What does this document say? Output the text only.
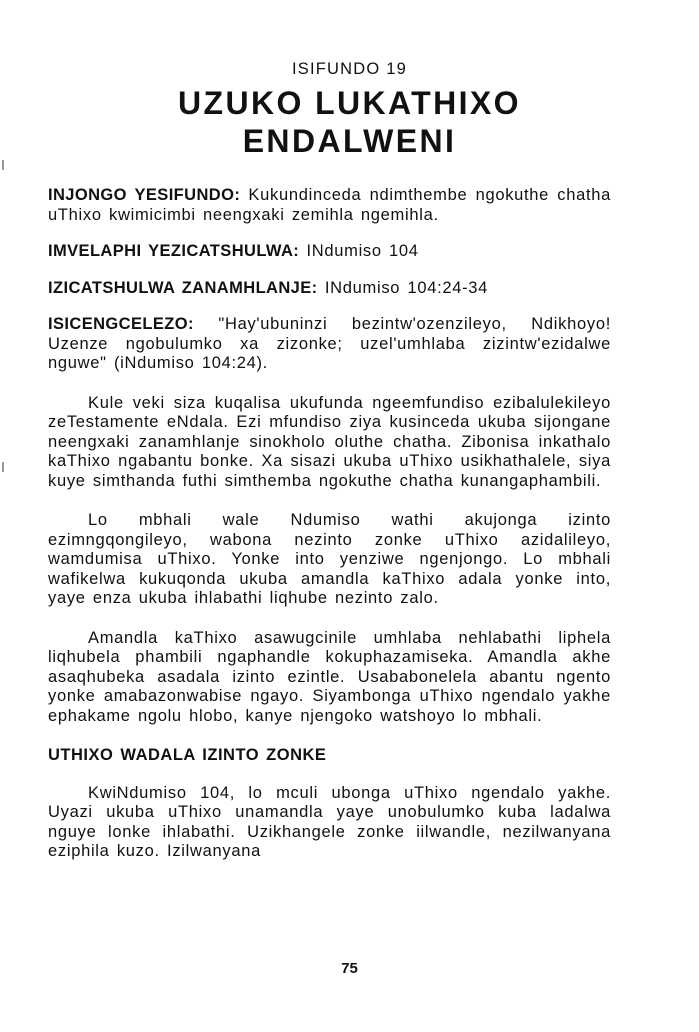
ISIFUNDO 19
UZUKO LUKATHIXO
ENDALWENI

INJONGO YESIFUNDO: Kukundinceda ndimthembe ngokuthe chatha uThixo kwimicimbi neengxaki zemihla ngemihla.

IMVELAPHI YEZICATSHULWA: INdumiso 104

IZICATSHULWA ZANAMHLANJE: INdumiso 104:24-34

ISICENGCELEZO: "Hay'ubuninzi bezintw'ozenzileyo, Ndikhoyo! Uzenze ngobulumko xa zizonke; uzel'umhlaba zizintw'ezidalwe nguwe" (iNdumiso 104:24).

Kule veki siza kuqalisa ukufunda ngeemfundiso ezibalulekileyo zeTestamente eNdala. Ezi mfundiso ziya kusinceda ukuba sijongane neengxaki zanamhlanje sinokholo oluthe chatha. Zibonisa inkathalo kaThixo ngabantu bonke. Xa sisazi ukuba uThixo usikhathalele, siya kuye simthanda futhi simthemba ngokuthe chatha kunangaphambili.

Lo mbhali wale Ndumiso wathi akujonga izinto ezimngqongileyo, wabona nezinto zonke uThixo azidalileyo, wamdumisa uThixo. Yonke into yenziwe ngenjongo. Lo mbhali wafikelwa kukuqonda ukuba amandla kaThixo adala yonke into, yaye enza ukuba ihlabathi liqhube nezinto zalo.

Amandla kaThixo asawugcinile umhlaba nehlabathi liphela liqhubela phambili ngaphandle kokuphazamiseka. Amandla akhe asaqhubeka asadala izinto ezintle. Usababonelela abantu ngento yonke amabazonwabise ngayo. Siyambonga uThixo ngendalo yakhe ephakame ngolu hlobo, kanye njengoko watshoyo lo mbhali.

UTHIXO WADALA IZINTO ZONKE

KwiNdumiso 104, lo mculi ubonga uThixo ngendalo yakhe. Uyazi ukuba uThixo unamandla yaye unobulumko kuba ladalwa nguye lonke ihlabathi. Uzikhangele zonke iilwandle, nezilwanyana eziphila kuzo. Izilwanyana

75
